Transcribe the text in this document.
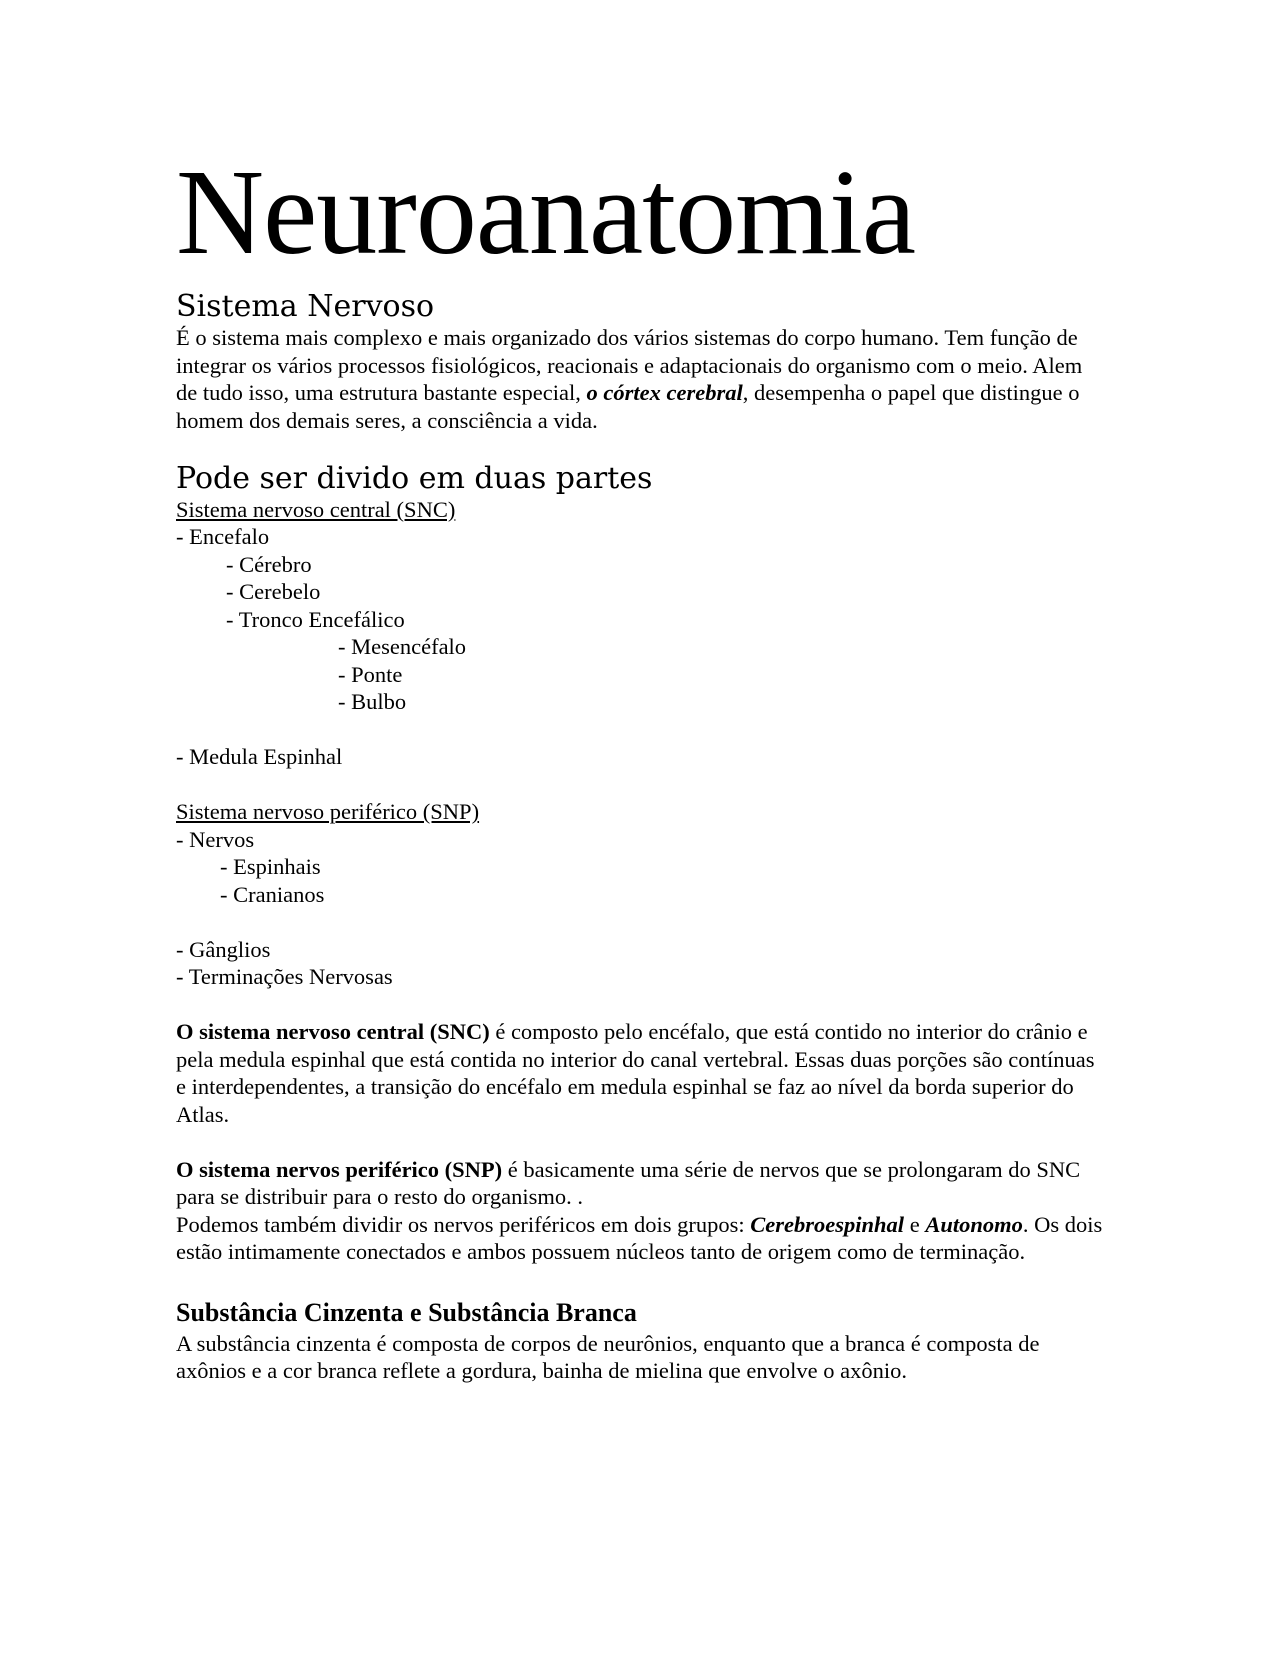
Neuroanatomia
Sistema Nervoso

É o sistema mais complexo e mais organizado dos vários sistemas do corpo humano. Tem função de integrar os vários processos fisiológicos, reacionais e adaptacionais do organismo com o meio. Alem de tudo isso, uma estrutura bastante especial, o córtex cerebral, desempenha o papel que distingue o homem dos demais seres, a consciência a vida.

Pode ser divido em duas partes

Sistema nervoso central (SNC)

- Encefalo

- Cérebro

- Cerebelo

- Tronco Encefálico

- Mesencéfalo

- Ponte

- Bulbo

- Medula Espinhal

Sistema nervoso periférico (SNP)

- Nervos

- Espinhais

- Cranianos

- Gânglios

- Terminações Nervosas

O sistema nervoso central (SNC) é composto pelo encéfalo, que está contido no interior do crânio e pela medula espinhal que está contida no interior do canal vertebral. Essas duas porções são contínuas e interdependentes, a transição do encéfalo em medula espinhal se faz ao nível da borda superior do Atlas.

O sistema nervos periférico (SNP) é basicamente uma série de nervos que se prolongaram do SNC para se distribuir para o resto do organismo. .

Podemos também dividir os nervos periféricos em dois grupos: Cerebroespinhal e Autonomo. Os dois estão intimamente conectados e ambos possuem núcleos tanto de origem como de terminação.

Substância Cinzenta e Substância Branca

A substância cinzenta é composta de corpos de neurônios, enquanto que a branca é composta de axônios e a cor branca reflete a gordura, bainha de mielina que envolve o axônio.
